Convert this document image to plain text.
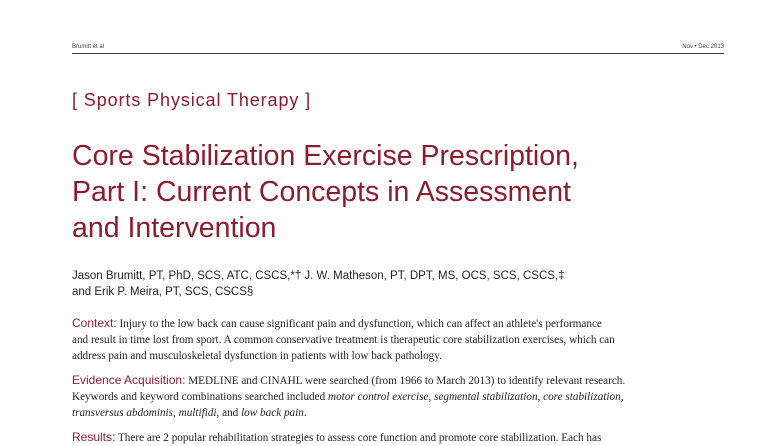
Brumitt et al	Nov • Dec 2013
[ Sports Physical Therapy ]
Core Stabilization Exercise Prescription,
Part I: Current Concepts in Assessment
and Intervention
Jason Brumitt, PT, PhD, SCS, ATC, CSCS,*† J. W. Matheson, PT, DPT, MS, OCS, SCS, CSCS,‡
and Erik P. Meira, PT, SCS, CSCS§
Context: Injury to the low back can cause significant pain and dysfunction, which can affect an athlete's performance
and result in time lost from sport. A common conservative treatment is therapeutic core stabilization exercises, which can
address pain and musculoskeletal dysfunction in patients with low back pathology.
Evidence Acquisition: MEDLINE and CINAHL were searched (from 1966 to March 2013) to identify relevant research.
Keywords and keyword combinations searched included motor control exercise, segmental stabilization, core stabilization,
transversus abdominis, multifidi, and low back pain.
Results: There are 2 popular rehabilitation strategies to assess core function and promote core stabilization. Each has
